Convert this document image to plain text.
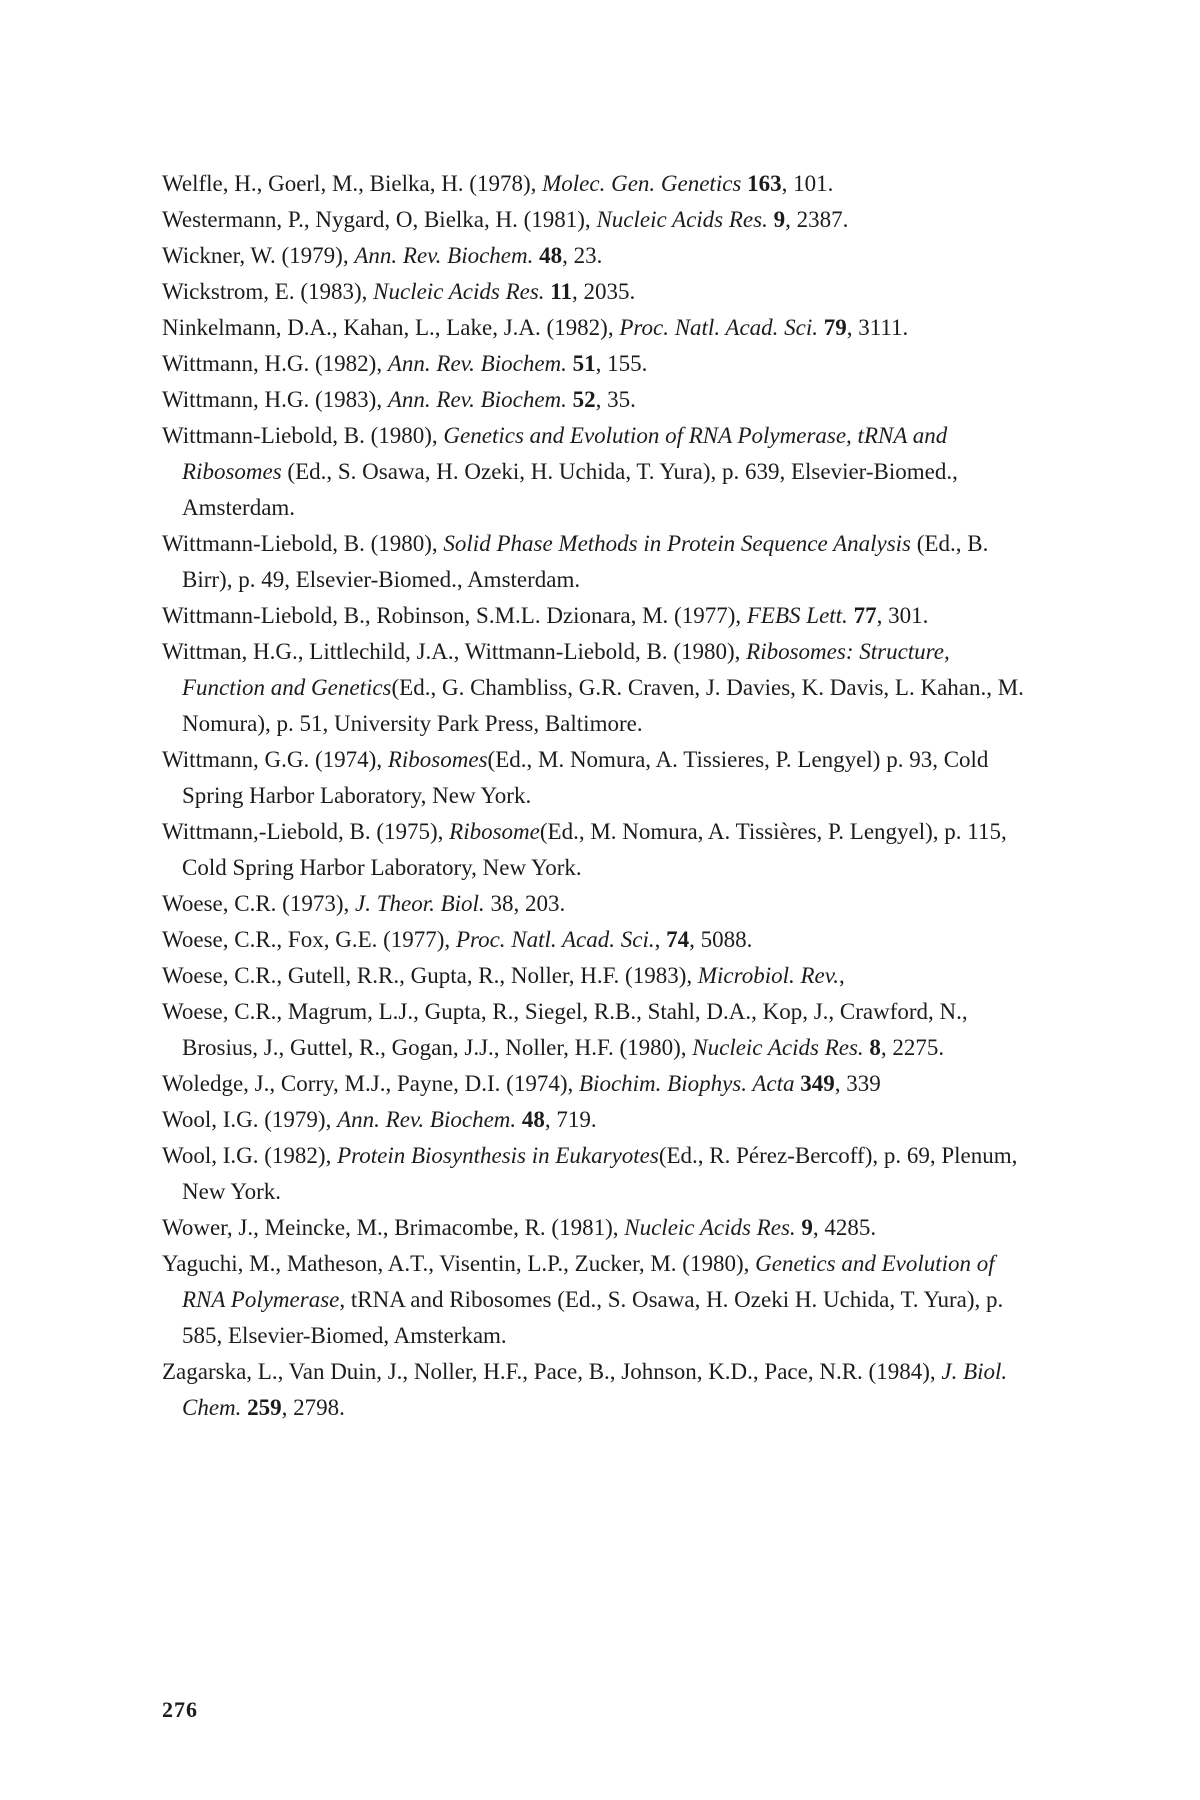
Welfle, H., Goerl, M., Bielka, H. (1978), Molec. Gen. Genetics 163, 101.
Westermann, P., Nygard, O, Bielka, H. (1981), Nucleic Acids Res. 9, 2387.
Wickner, W. (1979), Ann. Rev. Biochem. 48, 23.
Wickstrom, E. (1983), Nucleic Acids Res. 11, 2035.
Ninkelmann, D.A., Kahan, L., Lake, J.A. (1982), Proc. Natl. Acad. Sci. 79, 3111.
Wittmann, H.G. (1982), Ann. Rev. Biochem. 51, 155.
Wittmann, H.G. (1983), Ann. Rev. Biochem. 52, 35.
Wittmann-Liebold, B. (1980), Genetics and Evolution of RNA Polymerase, tRNA and Ribosomes (Ed., S. Osawa, H. Ozeki, H. Uchida, T. Yura), p. 639, Elsevier-Biomed., Amsterdam.
Wittmann-Liebold, B. (1980), Solid Phase Methods in Protein Sequence Analysis (Ed., B. Birr), p. 49, Elsevier-Biomed., Amsterdam.
Wittmann-Liebold, B., Robinson, S.M.L. Dzionara, M. (1977), FEBS Lett. 77, 301.
Wittman, H.G., Littlechild, J.A., Wittmann-Liebold, B. (1980), Ribosomes: Structure, Function and Genetics(Ed., G. Chambliss, G.R. Craven, J. Davies, K. Davis, L. Kahan., M. Nomura), p. 51, University Park Press, Baltimore.
Wittmann, G.G. (1974), Ribosomes(Ed., M. Nomura, A. Tissieres, P. Lengyel) p. 93, Cold Spring Harbor Laboratory, New York.
Wittmann,-Liebold, B. (1975), Ribosome(Ed., M. Nomura, A. Tissières, P. Lengyel), p. 115, Cold Spring Harbor Laboratory, New York.
Woese, C.R. (1973), J. Theor. Biol. 38, 203.
Woese, C.R., Fox, G.E. (1977), Proc. Natl. Acad. Sci., 74, 5088.
Woese, C.R., Gutell, R.R., Gupta, R., Noller, H.F. (1983), Microbiol. Rev.,
Woese, C.R., Magrum, L.J., Gupta, R., Siegel, R.B., Stahl, D.A., Kop, J., Crawford, N., Brosius, J., Guttel, R., Gogan, J.J., Noller, H.F. (1980), Nucleic Acids Res. 8, 2275.
Woledge, J., Corry, M.J., Payne, D.I. (1974), Biochim. Biophys. Acta 349, 339
Wool, I.G. (1979), Ann. Rev. Biochem. 48, 719.
Wool, I.G. (1982), Protein Biosynthesis in Eukaryotes(Ed., R. Pérez-Bercoff), p. 69, Plenum, New York.
Wower, J., Meincke, M., Brimacombe, R. (1981), Nucleic Acids Res. 9, 4285.
Yaguchi, M., Matheson, A.T., Visentin, L.P., Zucker, M. (1980), Genetics and Evolution of RNA Polymerase, tRNA and Ribosomes (Ed., S. Osawa, H. Ozeki H. Uchida, T. Yura), p. 585, Elsevier-Biomed, Amsterkam.
Zagarska, L., Van Duin, J., Noller, H.F., Pace, B., Johnson, K.D., Pace, N.R. (1984), J. Biol. Chem. 259, 2798.
276
